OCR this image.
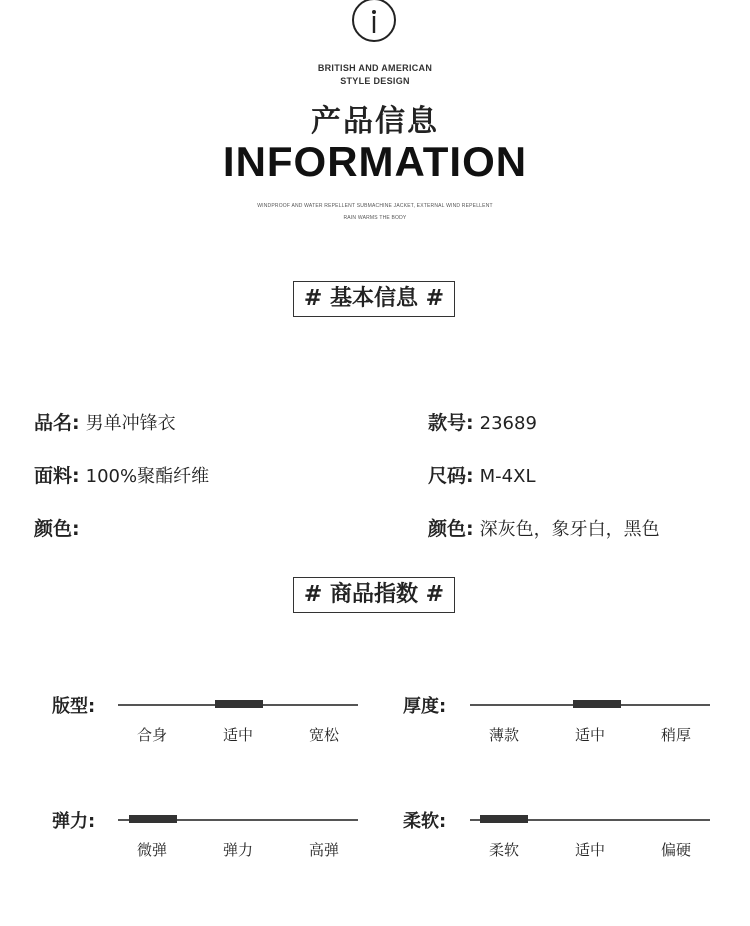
BRITISH AND AMERICAN
STYLE DESIGN
产品信息
INFORMATION
WINDPROOF AND WATER REPELLENT SUBMACHINE JACKET, EXTERNAL WIND REPELLENT
RAIN WARMS THE BODY
# 基本信息 #
品名: 男单冲锋衣
面料: 100%聚酯纤维
颜色:
款号: 23689
尺码: M-4XL
颜色: 深灰色，象牙白，黑色
# 商品指数 #
版型:
合身	适中	宽松
厚度:
薄款	适中	稍厚
弹力:
微弹	弹力	高弹
柔软:
柔软	适中	偏硬
